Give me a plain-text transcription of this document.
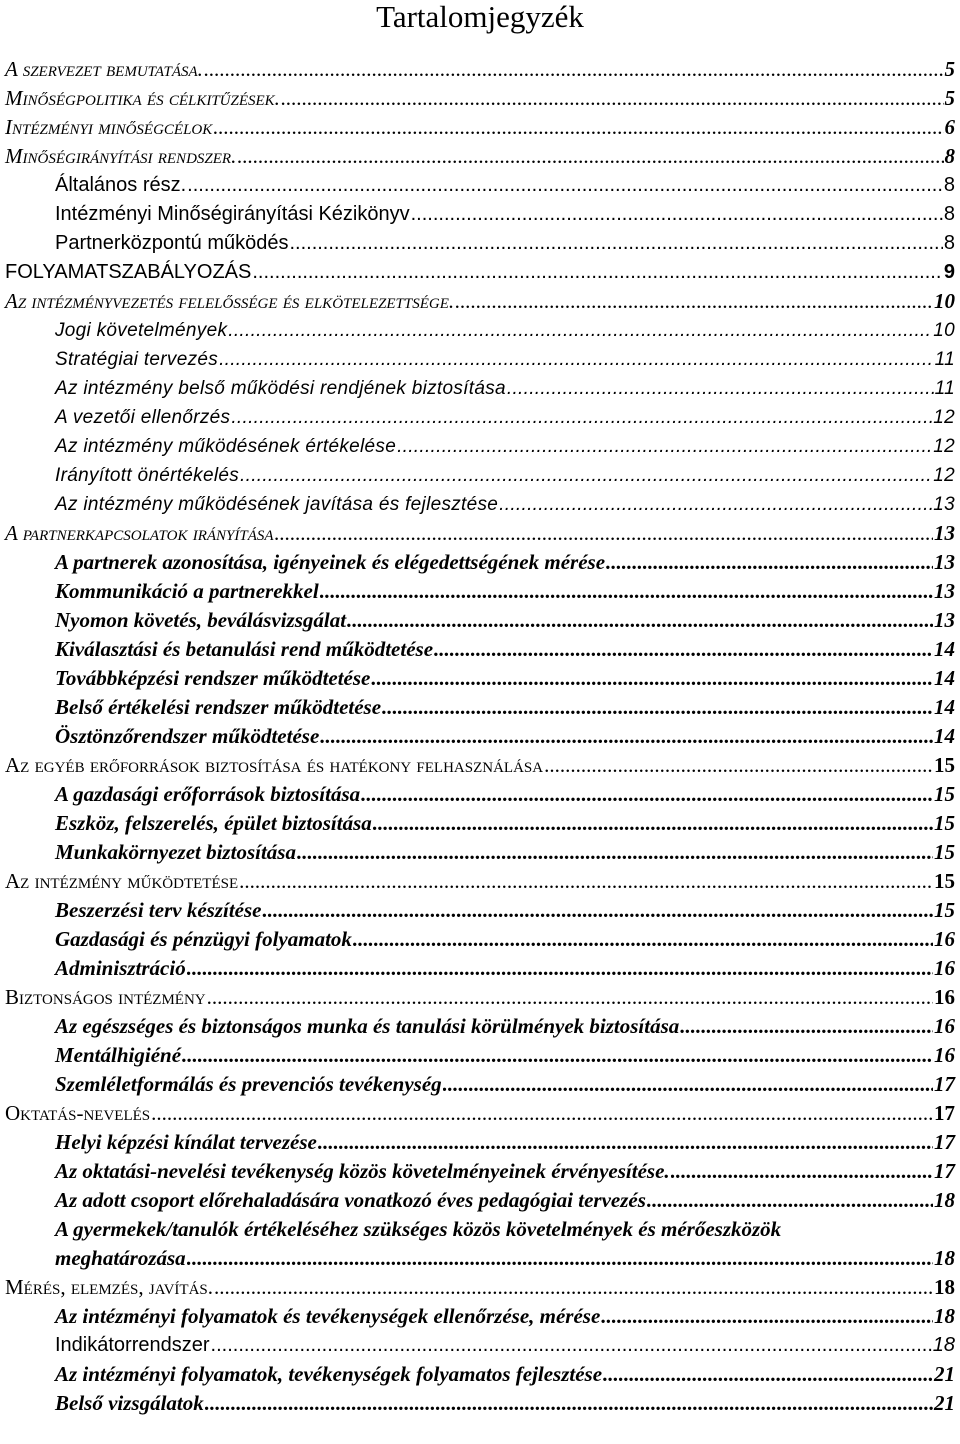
Tartalomjegyzék
A szervezet bemutatása. .....	5
Minőségpolitika és célkitűzések. .....	5
Intézményi minőségcélok .....	6
Minőségirányítási rendszer. .....	8
Általános rész. .....	8
Intézményi Minőségirányítási Kézikönyv .....	8
Partnerközpontú működés .....	8
FOLYAMATSZABÁLYOZÁS .....	9
Az intézményvezetés felelőssége és elkötelezettsége. .....	10
Jogi követelmények .....	10
Stratégiai tervezés .....	11
Az intézmény belső működési rendjének biztosítása .....	11
A vezetői ellenőrzés .....	12
Az intézmény működésének értékelése .....	12
Irányított önértékelés .....	12
Az intézmény működésének javítása és fejlesztése .....	13
A partnerkapcsolatok irányítása .....	13
A partnerek azonosítása, igényeinek és elégedettségének mérése .....	13
Kommunikáció a partnerekkel .....	13
Nyomon követés, beválásvizsgálat .....	13
Kiválasztási és betanulási rend működtetése .....	14
Továbbképzési rendszer működtetése .....	14
Belső értékelési rendszer működtetése .....	14
Ösztönzőrendszer működtetése .....	14
Az egyéb erőforrások biztosítása és hatékony felhasználása .....	15
A gazdasági erőforrások biztosítása .....	15
Eszköz, felszerelés, épület biztosítása .....	15
Munkakörnyezet biztosítása .....	15
Az intézmény működtetése .....	15
Beszerzési terv készítése .....	15
Gazdasági és pénzügyi folyamatok .....	16
Adminisztráció .....	16
Biztonságos intézmény .....	16
Az egészséges és biztonságos munka és tanulási körülmények biztosítása .....	16
Mentálhigiéné .....	16
Szemléletformálás és prevenciós tevékenység .....	17
Oktatás-nevelés .....	17
Helyi képzési kínálat tervezése .....	17
Az oktatási-nevelési tevékenység közös követelményeinek érvényesítése. .....	17
Az adott csoport előrehaladására vonatkozó éves pedagógiai tervezés .....	18
A gyermekek/tanulók értékeléséhez szükséges közös követelmények és mérőeszközök
meghatározása .....	18
Mérés, elemzés, javítás. .....	18
Az intézményi folyamatok és tevékenységek ellenőrzése, mérése .....	18
Indikátorrendszer .....	18
Az intézményi folyamatok, tevékenységek folyamatos fejlesztése .....	21
Belső vizsgálatok .....	21
